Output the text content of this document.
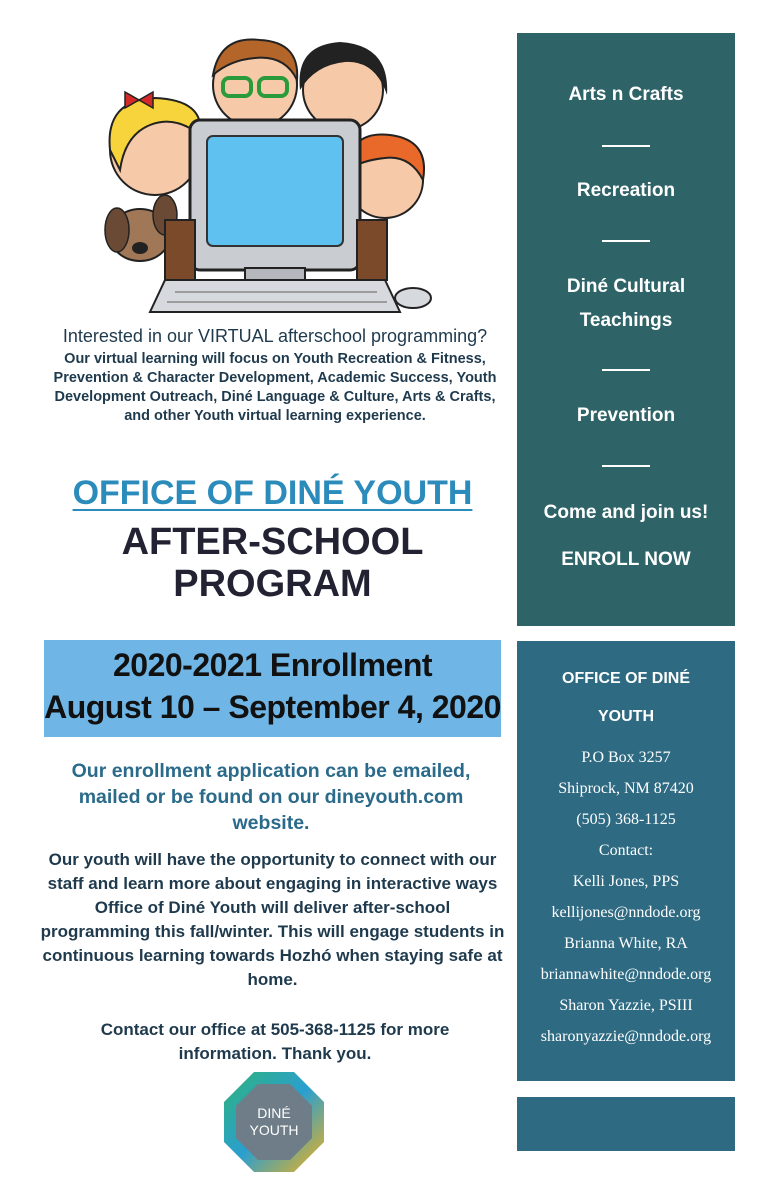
Interested in our VIRTUAL afterschool programming?
Our virtual learning will focus on Youth Recreation & Fitness, Prevention & Character Development, Academic Success, Youth Development Outreach, Diné Language & Culture, Arts & Crafts, and other Youth virtual learning experience.
OFFICE OF DINÉ YOUTH
AFTER-SCHOOL
PROGRAM
2020-2021 Enrollment
August 10 – September 4, 2020
Our enrollment application can be emailed, mailed or be found on our dineyouth.com website.
Our youth will have the opportunity to connect with our staff and learn more about engaging in interactive ways Office of Diné Youth will deliver after-school programming this fall/winter. This will engage students in continuous learning towards Hozhó when staying safe at home.
Contact our office at 505-368-1125 for more information. Thank you.
DINÉ
YOUTH
Arts n Crafts
Recreation
Diné Cultural
Teachings
Prevention
Come and join us!
ENROLL NOW
OFFICE OF DINÉ
YOUTH
P.O Box 3257
Shiprock, NM 87420
(505) 368-1125
Contact:
Kelli Jones, PPS
kellijones@nndode.org
Brianna White, RA
briannawhite@nndode.org
Sharon Yazzie, PSIII
sharonyazzie@nndode.org
